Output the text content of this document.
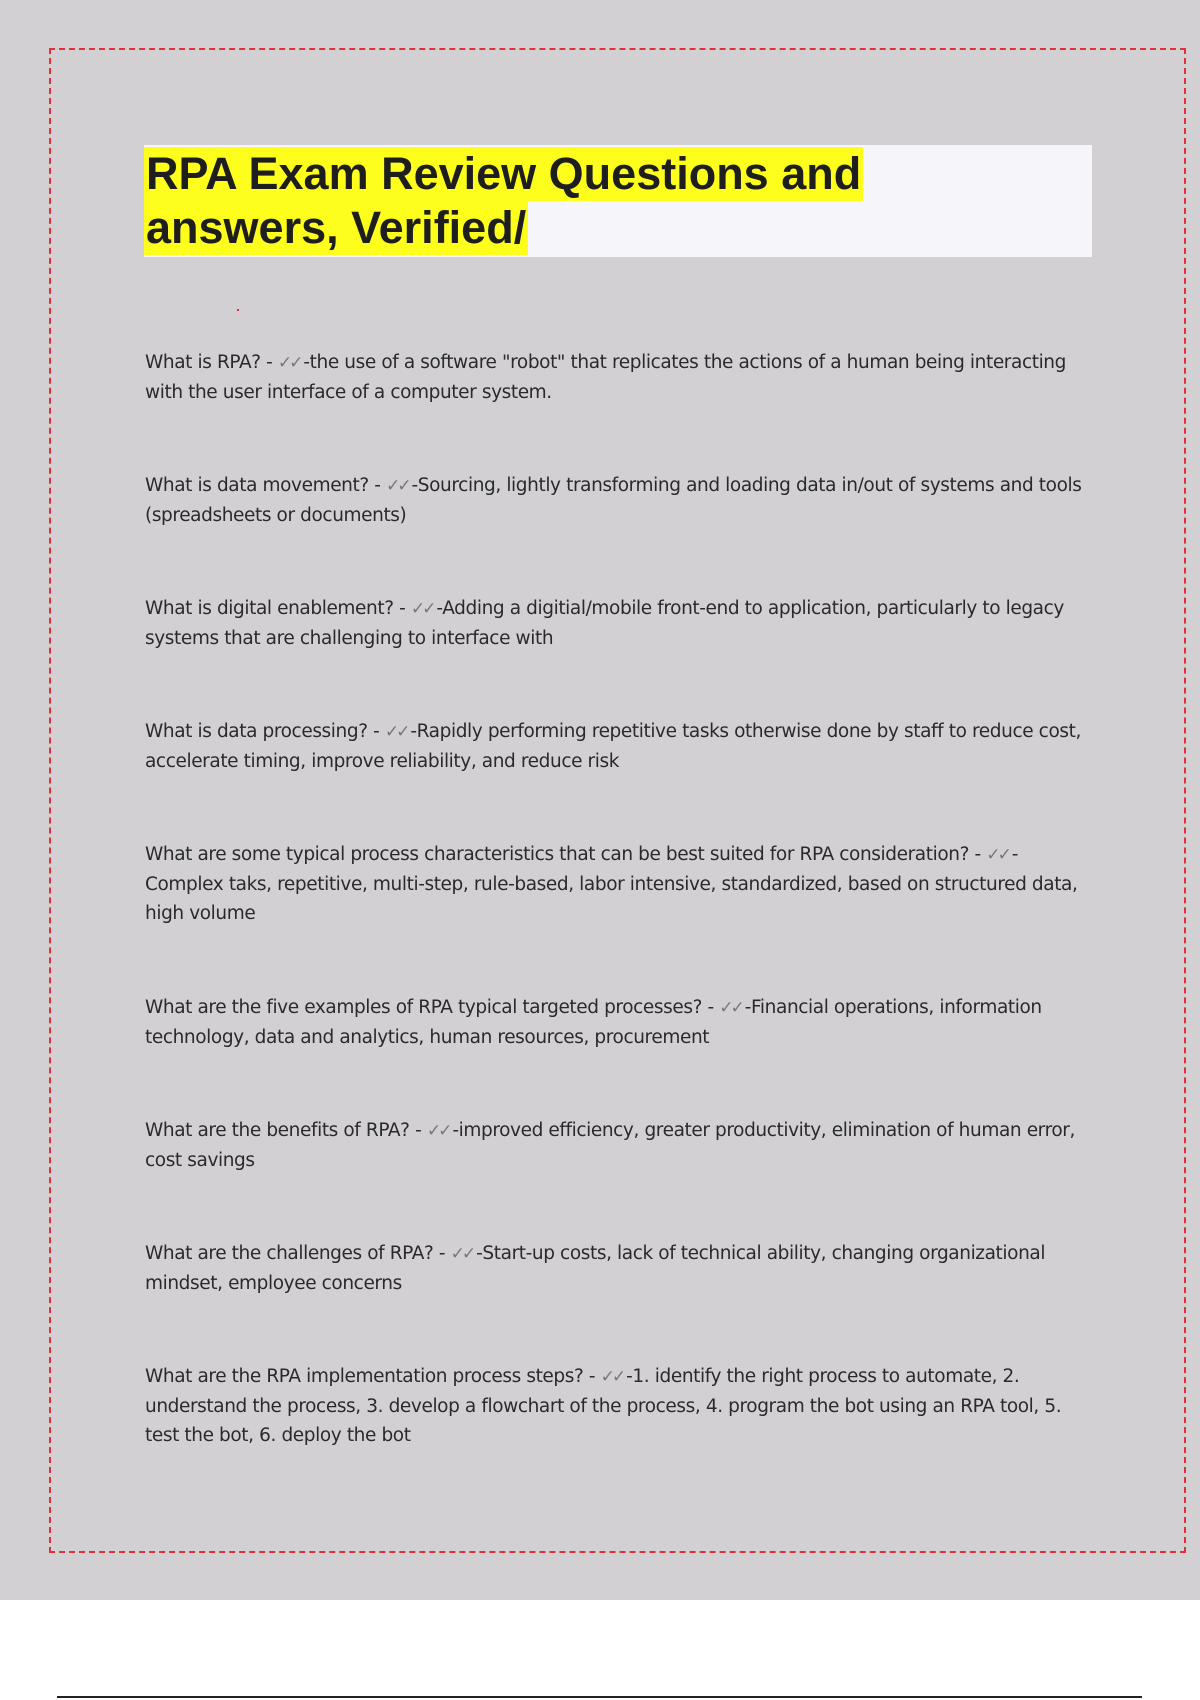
RPA Exam Review Questions and
answers, Verified/
What is RPA? - ✓✓ -the use of a software "robot" that replicates the actions of a human being interacting with the user interface of a computer system.
What is data movement? - ✓✓ -Sourcing, lightly transforming and loading data in/out of systems and tools (spreadsheets or documents)
What is digital enablement? - ✓✓ -Adding a digitial/mobile front-end to application, particularly to legacy systems that are challenging to interface with
What is data processing? - ✓✓ -Rapidly performing repetitive tasks otherwise done by staff to reduce cost, accelerate timing, improve reliability, and reduce risk
What are some typical process characteristics that can be best suited for RPA consideration? - ✓✓ -Complex taks, repetitive, multi-step, rule-based, labor intensive, standardized, based on structured data, high volume
What are the five examples of RPA typical targeted processes? - ✓✓ -Financial operations, information technology, data and analytics, human resources, procurement
What are the benefits of RPA? - ✓✓ -improved efficiency, greater productivity, elimination of human error, cost savings
What are the challenges of RPA? - ✓✓ -Start-up costs, lack of technical ability, changing organizational mindset, employee concerns
What are the RPA implementation process steps? - ✓✓ -1. identify the right process to automate, 2. understand the process, 3. develop a flowchart of the process, 4. program the bot using an RPA tool, 5. test the bot, 6. deploy the bot
